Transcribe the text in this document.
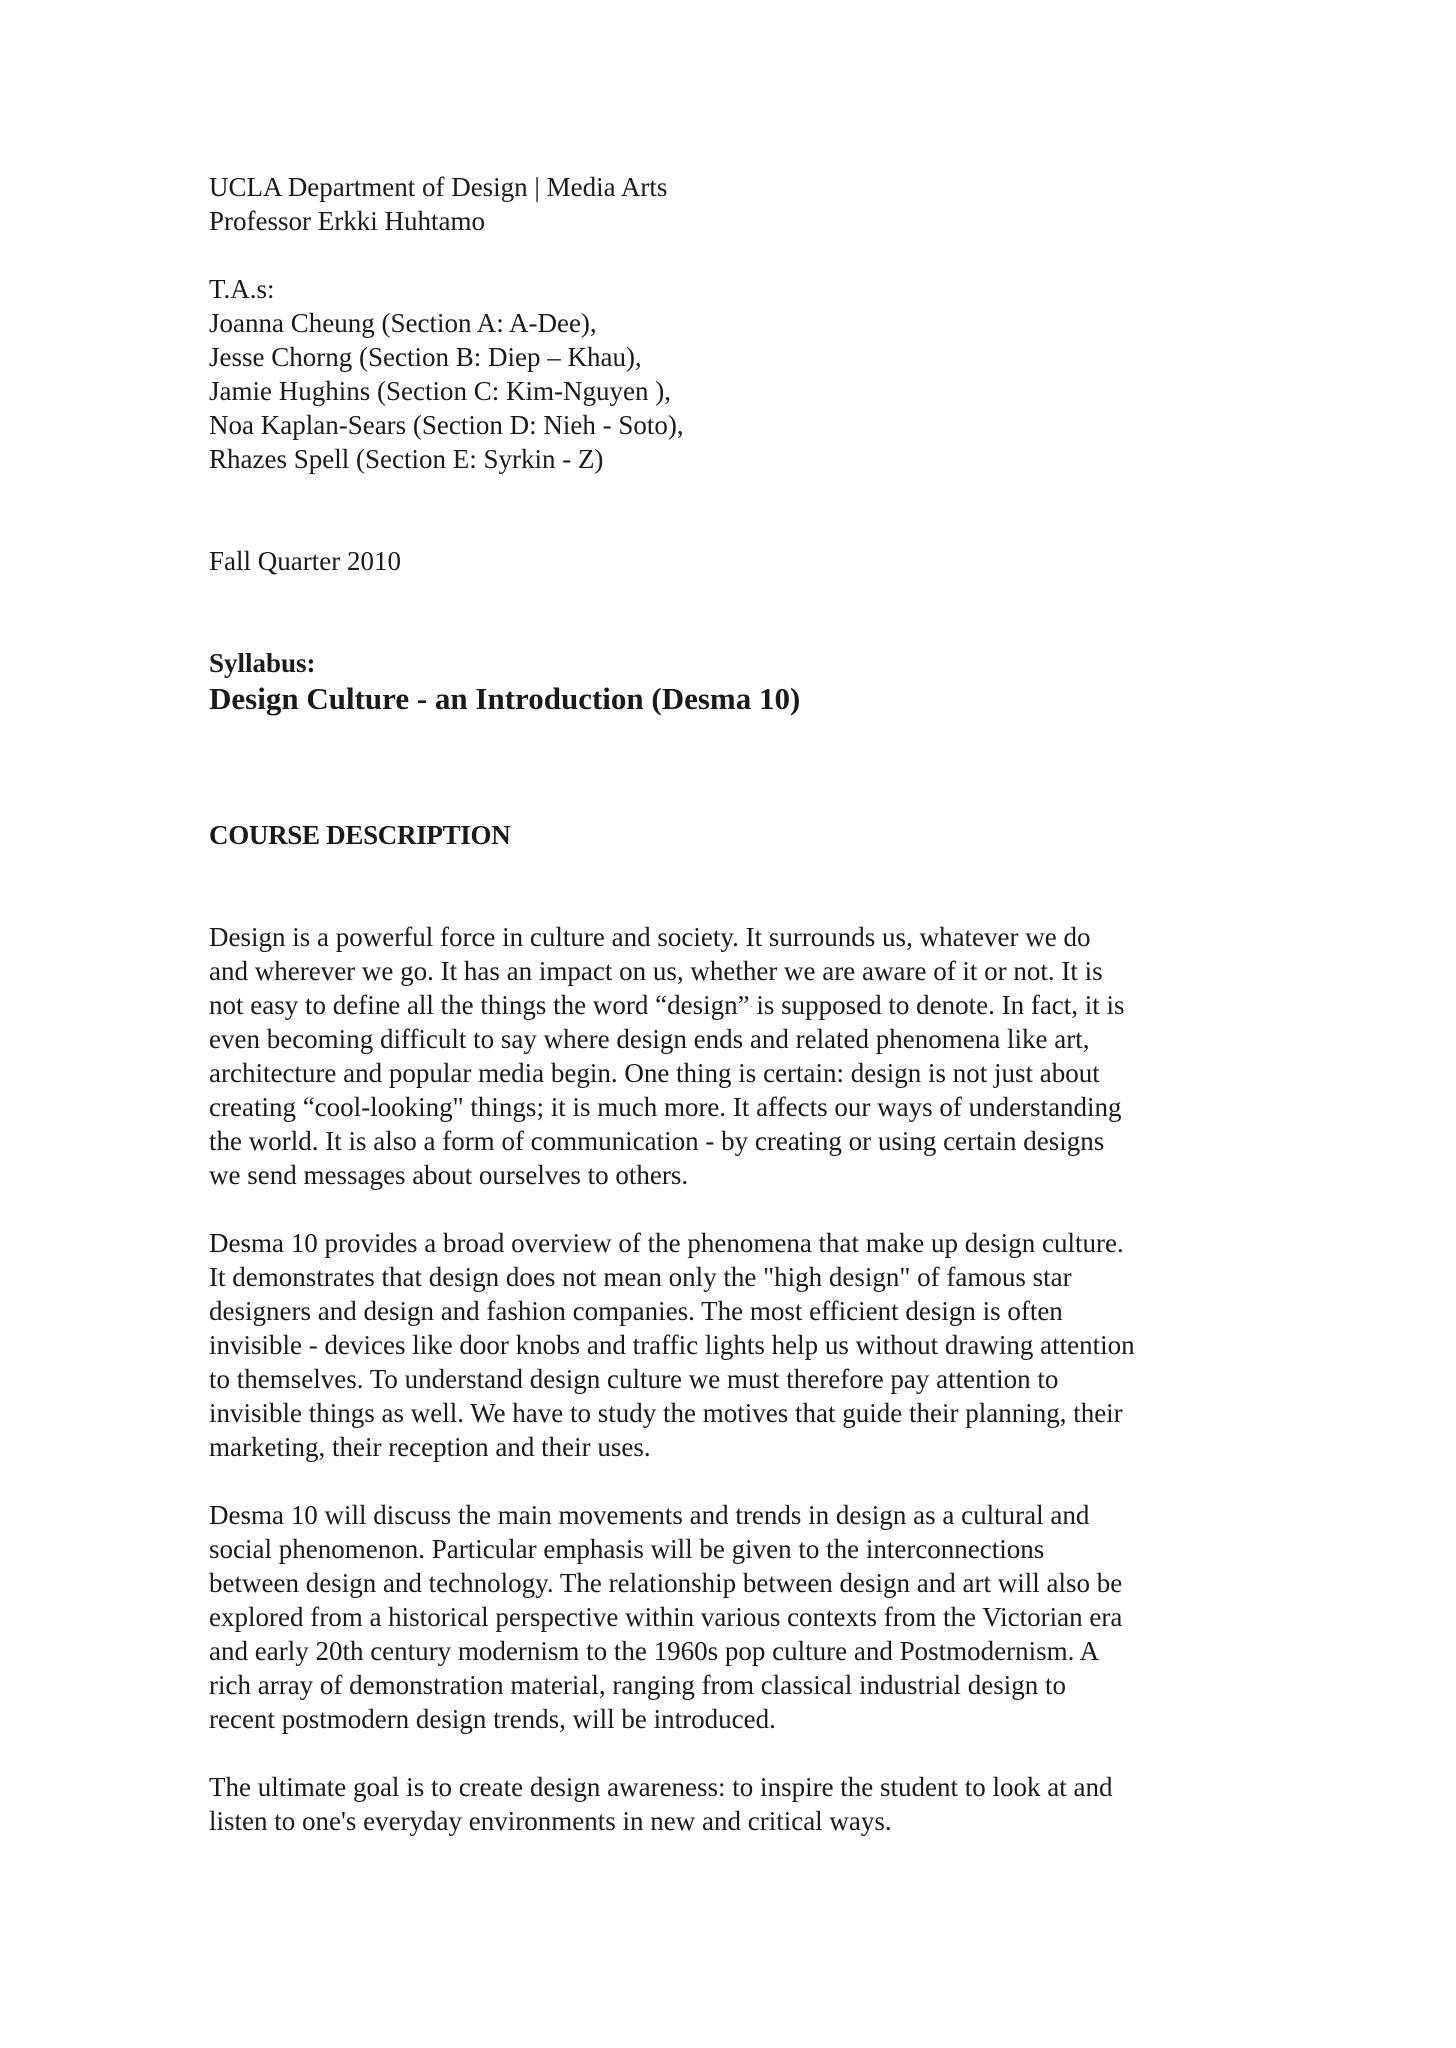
UCLA Department of Design | Media Arts
Professor Erkki Huhtamo
T.A.s:
Joanna Cheung (Section A: A-Dee),
Jesse Chorng (Section B: Diep – Khau),
Jamie Hughins (Section C: Kim-Nguyen ),
Noa Kaplan-Sears (Section D: Nieh - Soto),
Rhazes Spell (Section E: Syrkin - Z)
Fall Quarter 2010
Syllabus:
Design Culture - an Introduction (Desma 10)
COURSE DESCRIPTION

Design is a powerful force in culture and society. It surrounds us, whatever we do
and wherever we go. It has an impact on us, whether we are aware of it or not. It is
not easy to define all the things the word “design” is supposed to denote. In fact, it is
even becoming difficult to say where design ends and related phenomena like art,
architecture and popular media begin. One thing is certain: design is not just about
creating “cool-looking" things; it is much more. It affects our ways of understanding
the world. It is also a form of communication - by creating or using certain designs
we send messages about ourselves to others.

Desma 10 provides a broad overview of the phenomena that make up design culture.
It demonstrates that design does not mean only the "high design" of famous star
designers and design and fashion companies. The most efficient design is often
invisible - devices like door knobs and traffic lights help us without drawing attention
to themselves. To understand design culture we must therefore pay attention to
invisible things as well. We have to study the motives that guide their planning, their
marketing, their reception and their uses.

Desma 10 will discuss the main movements and trends in design as a cultural and
social phenomenon. Particular emphasis will be given to the interconnections
between design and technology. The relationship between design and art will also be
explored from a historical perspective within various contexts from the Victorian era
and early 20th century modernism to the 1960s pop culture and Postmodernism. A
rich array of demonstration material, ranging from classical industrial design to
recent postmodern design trends, will be introduced.

The ultimate goal is to create design awareness: to inspire the student to look at and
listen to one's everyday environments in new and critical ways.
